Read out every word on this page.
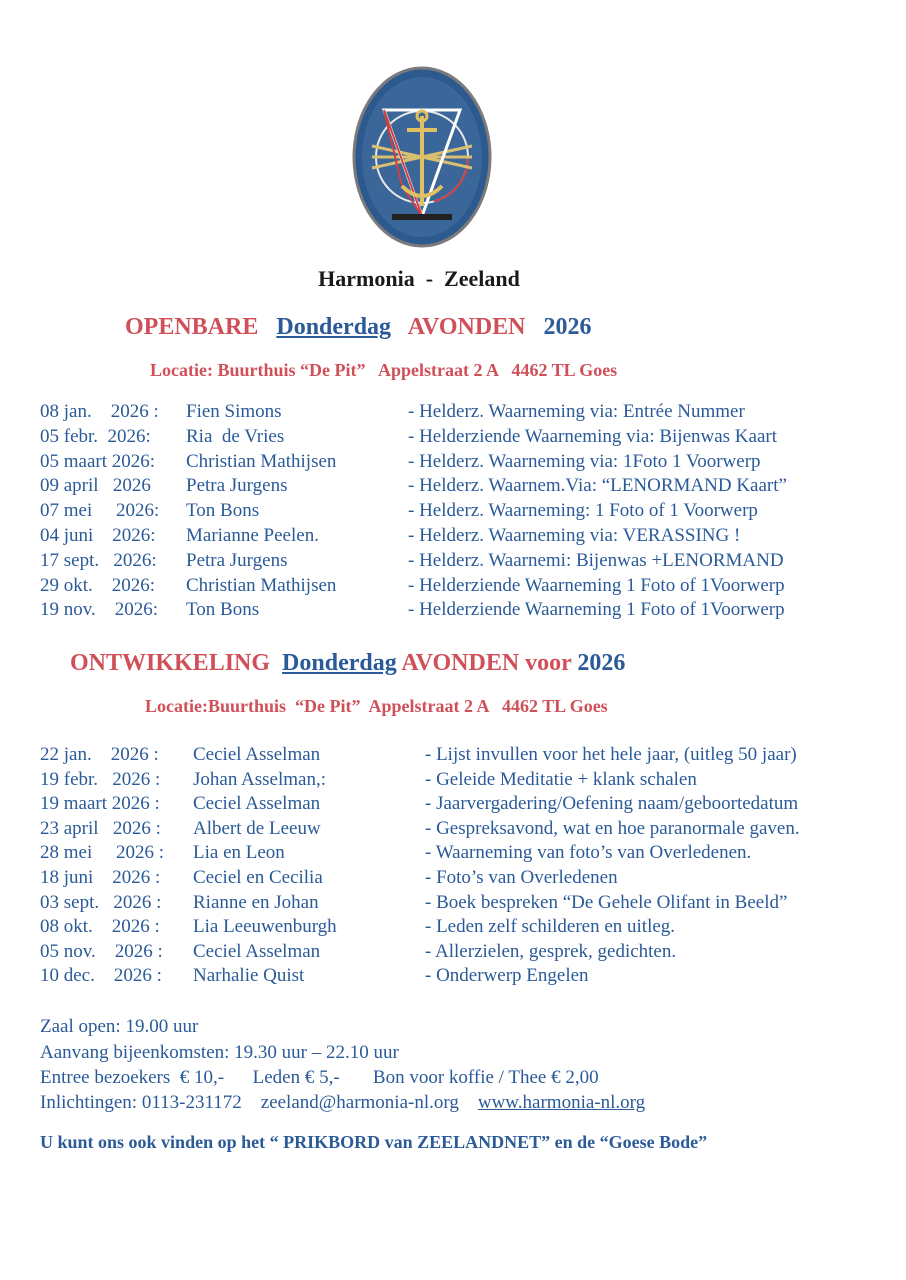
Harmonia  -  Zeeland
OPENBARE Donderdag AVONDEN 2026
Locatie: Buurthuis “De Pit”   Appelstraat 2 A   4462 TL Goes
08 jan.    2026 : Fien Simons	- Helderz. Waarneming via: Entrée Nummer
05 febr.  2026: Ria  de Vries	- Helderziende Waarneming via: Bijenwas Kaart
05 maart 2026: Christian Mathijsen	- Helderz. Waarneming via: 1Foto 1 Voorwerp
09 april   2026 Petra Jurgens	- Helderz. Waarnem.Via: “LENORMAND Kaart”
07 mei     2026: Ton Bons	- Helderz. Waarneming: 1 Foto of 1 Voorwerp
04 juni    2026: Marianne Peelen.	- Helderz. Waarneming via: VERASSING !
17 sept.   2026: Petra Jurgens	- Helderz. Waarnemi: Bijenwas +LENORMAND
29 okt.    2026: Christian Mathijsen	- Helderziende Waarneming 1 Foto of 1Voorwerp
19 nov.    2026: Ton Bons	- Helderziende Waarneming 1 Foto of 1Voorwerp
ONTWIKKELING Donderdag AVONDEN voor 2026
Locatie:Buurthuis  “De Pit”  Appelstraat 2 A   4462 TL Goes
22 jan.    2026 : Ceciel Asselman	- Lijst invullen voor het hele jaar, (uitleg 50 jaar)
19 febr.   2026 : Johan Asselman,:	- Geleide Meditatie + klank schalen
19 maart 2026 : Ceciel Asselman	- Jaarvergadering/Oefening naam/geboortedatum
23 april   2026 : Albert de Leeuw	- Gespreksavond, wat en hoe paranormale gaven.
28 mei     2026 : Lia en Leon	- Waarneming van foto’s van Overledenen.
18 juni    2026 : Ceciel en Cecilia	- Foto’s van Overledenen
03 sept.   2026 : Rianne en Johan	- Boek bespreken “De Gehele Olifant in Beeld”
08 okt.    2026 : Lia Leeuwenburgh	- Leden zelf schilderen en uitleg.
05 nov.    2026 : Ceciel Asselman	- Allerzielen, gesprek, gedichten.
10 dec.    2026 : Narhalie Quist	- Onderwerp Engelen
Zaal open: 19.00 uur
Aanvang bijeenkomsten: 19.30 uur – 22.10 uur
Entree bezoekers  € 10,-      Leden € 5,-       Bon voor koffie / Thee € 2,00
Inlichtingen: 0113-231172    zeeland@harmonia-nl.org www.harmonia-nl.org
U kunt ons ook vinden op het “ PRIKBORD van ZEELANDNET” en de “Goese Bode”
